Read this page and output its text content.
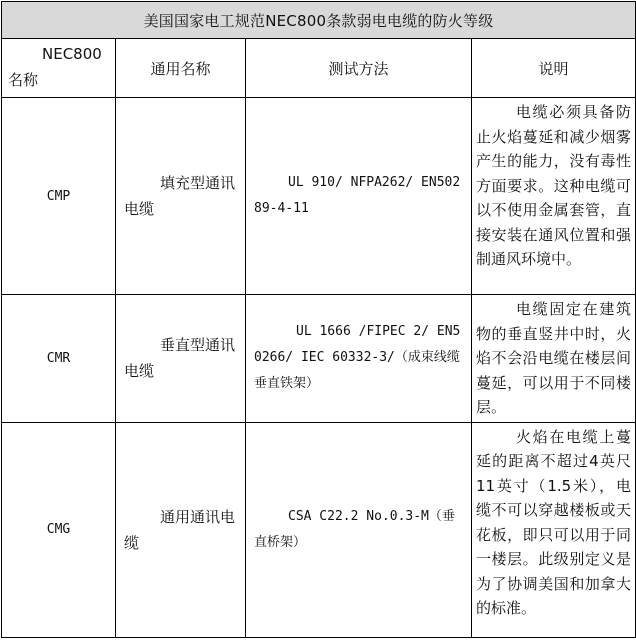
美国国家电工规范NEC800条款弱电电缆的防火等级			

NEC800名称	通用名称	测试方法	说明
CMP	填充型通讯电缆	UL 910/ NFPA262/ EN50289-4-11	电缆必须具备防止火焰蔓延和减少烟雾产生的能力，没有毒性方面要求。这种电缆可以不使用金属套管，直接安装在通风位置和强制通风环境中。
CMR	垂直型通讯电缆	UL 1666 /FIPEC 2/ EN50266/ IEC 60332-3/（成束线缆垂直铁架）	电缆固定在建筑物的垂直竖井中时，火焰不会沿电缆在楼层间蔓延，可以用于不同楼层。
CMG	通用通讯电缆	CSA C22.2 No.0.3-M（垂直桥架）	火焰在电缆上蔓延的距离不超过4英尺11英寸（1.5米），电缆不可以穿越楼板或天花板，即只可以用于同一楼层。此级别定义是为了协调美国和加拿大的标准。
